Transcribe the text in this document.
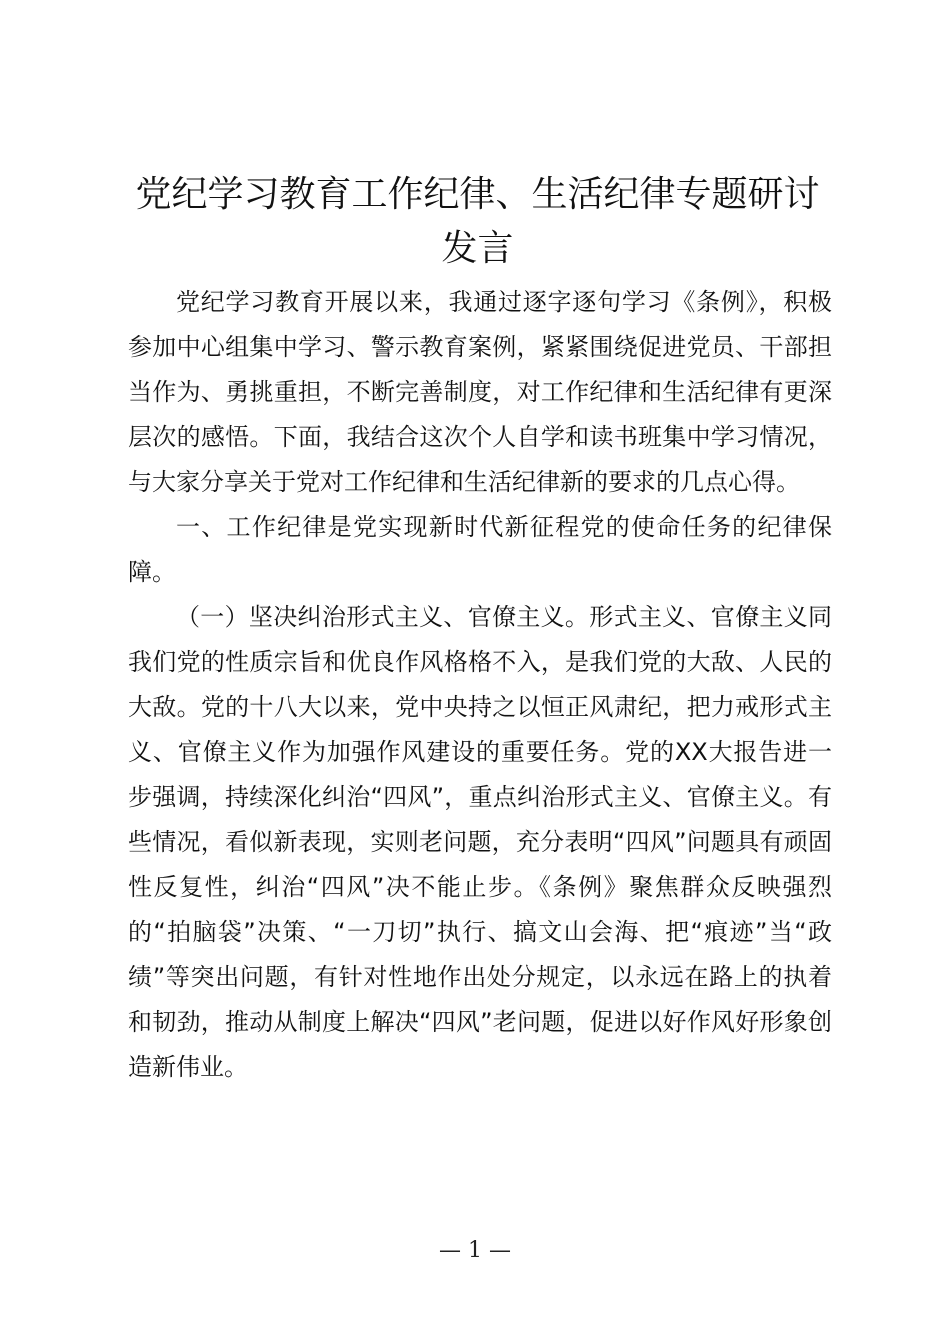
党纪学习教育工作纪律、生活纪律专题研讨发言

党纪学习教育开展以来，我通过逐字逐句学习《条例》，积极参加中心组集中学习、警示教育案例，紧紧围绕促进党员、干部担当作为、勇挑重担，不断完善制度，对工作纪律和生活纪律有更深层次的感悟。下面，我结合这次个人自学和读书班集中学习情况，与大家分享关于党对工作纪律和生活纪律新的要求的几点心得。

一、工作纪律是党实现新时代新征程党的使命任务的纪律保障。

（一）坚决纠治形式主义、官僚主义。形式主义、官僚主义同我们党的性质宗旨和优良作风格格不入，是我们党的大敌、人民的大敌。党的十八大以来，党中央持之以恒正风肃纪，把力戒形式主义、官僚主义作为加强作风建设的重要任务。党的XX大报告进一步强调，持续深化纠治“四风”，重点纠治形式主义、官僚主义。有些情况，看似新表现，实则老问题，充分表明“四风”问题具有顽固性反复性，纠治“四风”决不能止步。《条例》聚焦群众反映强烈的“拍脑袋”决策、“一刀切”执行、搞文山会海、把“痕迹”当“政绩”等突出问题，有针对性地作出处分规定，以永远在路上的执着和韧劲，推动从制度上解决“四风”老问题，促进以好作风好形象创造新伟业。

— 1 —
